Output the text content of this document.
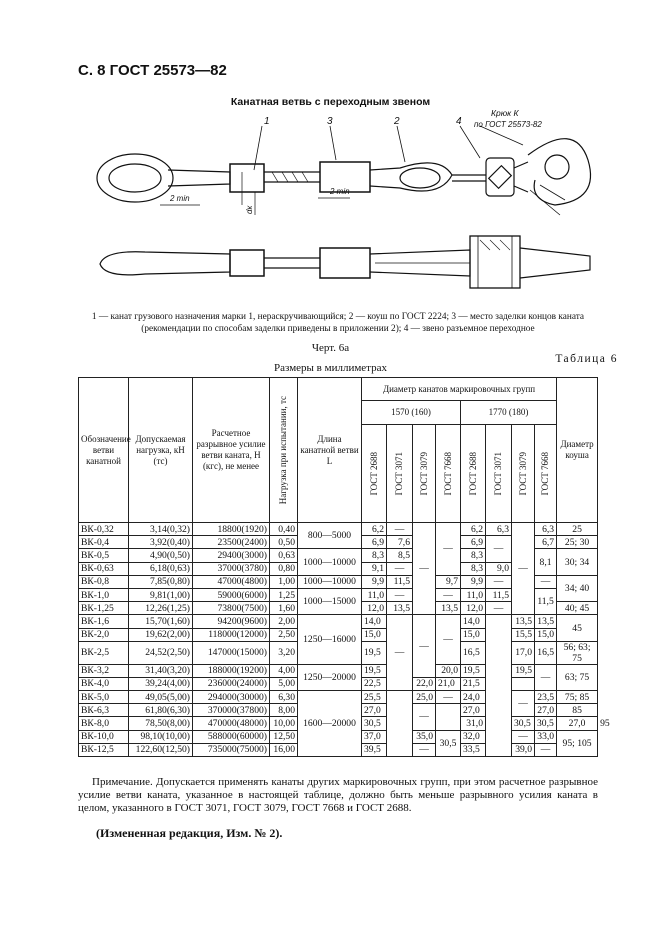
С. 8 ГОСТ 25573—82
Канатная ветвь с переходным звеном
1	3	2	4
Крюк К
по ГОСТ 25573-82
2 min
2 min
dк
1 — канат грузового назначения марки 1, нераскручивающийся; 2 — коуш по ГОСТ 2224; 3 — место заделки концов каната (рекомендации по способам заделки приведены в приложении 2); 4 — звено разъемное переходное
Черт. 6а
Таблица 6
Размеры в миллиметрах
Обозначение ветви канатной	Допускаемая нагрузка, кН (тс)	Расчетное разрывное усилие ветви каната, Н (кгс), не менее	Нагрузка при испытании, тс	Длина канатной ветви L	Диаметр канатов маркировочных групп								Диаметр коуша	
					1570 (160)				1770 (180)					

					ГОСТ 2688	ГОСТ 3071	ГОСТ 3079	ГОСТ 7668	ГОСТ 2688	ГОСТ 3071	ГОСТ 3079	ГОСТ 7668		

ВК-0,32	3,14(0,32)	18800(1920)	0,40	800—5000	6,2	—	—	—	6,2	6,3	—	6,3	25	
ВК-0,4	3,92(0,40)	23500(2400)	0,50		6,9	7,6			6,9	—		6,7	25; 30	
ВК-0,5	4,90(0,50)	29400(3000)	0,63	1000—10000	8,3	8,5			8,3			8,1	30; 34	
ВК-0,63	6,18(0,63)	37000(3780)	0,80		9,1	—			8,3	9,0				
ВК-0,8	7,85(0,80)	47000(4800)	1,00	1000—10000	9,9	11,5		9,7	9,9	—		—	34; 40	
ВК-1,0	9,81(1,00)	59000(6000)	1,25	1000—15000	11,0	—		—	11,0	11,5		11,5		
ВК-1,25	12,26(1,25)	73800(7500)	1,60		12,0	13,5		13,5	12,0	—			40; 45	
ВК-1,6	15,70(1,60)	94200(9600)	2,00	1250—16000	14,0	—	—	—	14,0		13,5	13,5	45	
ВК-2,0	19,62(2,00)	118000(12000)	2,50		15,0				15,0		15,5	15,0		
ВК-2,5	24,52(2,50)	147000(15000)	3,20		19,5				16,5		17,0	16,5	56; 63; 75	
ВК-3,2	31,40(3,20)	188000(19200)	4,00	1250—20000	19,5			20,0	19,5		19,5	—	63; 75	
ВК-4,0	39,24(4,00)	236000(24000)	5,00		22,5		22,0	21,0	21,5					
ВК-5,0	49,05(5,00)	294000(30000)	6,30	1600—20000	25,5		25,0	—	24,0		—	23,5	75; 85	
ВК-6,3	61,80(6,30)	370000(37800)	8,00		27,0		—		27,0			27,0	85	
ВК-8,0	78,50(8,00)	470000(48000)	10,00		30,5				31,0		30,5	30,5	27,0	95
ВК-10,0	98,10(10,00)	588000(60000)	12,50		37,0		35,0	30,5	32,0		—	33,0	95; 105	
ВК-12,5	122,60(12,50)	735000(75000)	16,00		39,5		—		33,5		39,0	—		
Примечание. Допускается применять канаты других маркировочных групп, при этом расчетное разрывное усилие ветви каната, указанное в настоящей таблице, должно быть меньше разрывного усилия каната в целом, указанного в ГОСТ 3071, ГОСТ 3079, ГОСТ 7668 и ГОСТ 2688.
(Измененная редакция, Изм. № 2).
